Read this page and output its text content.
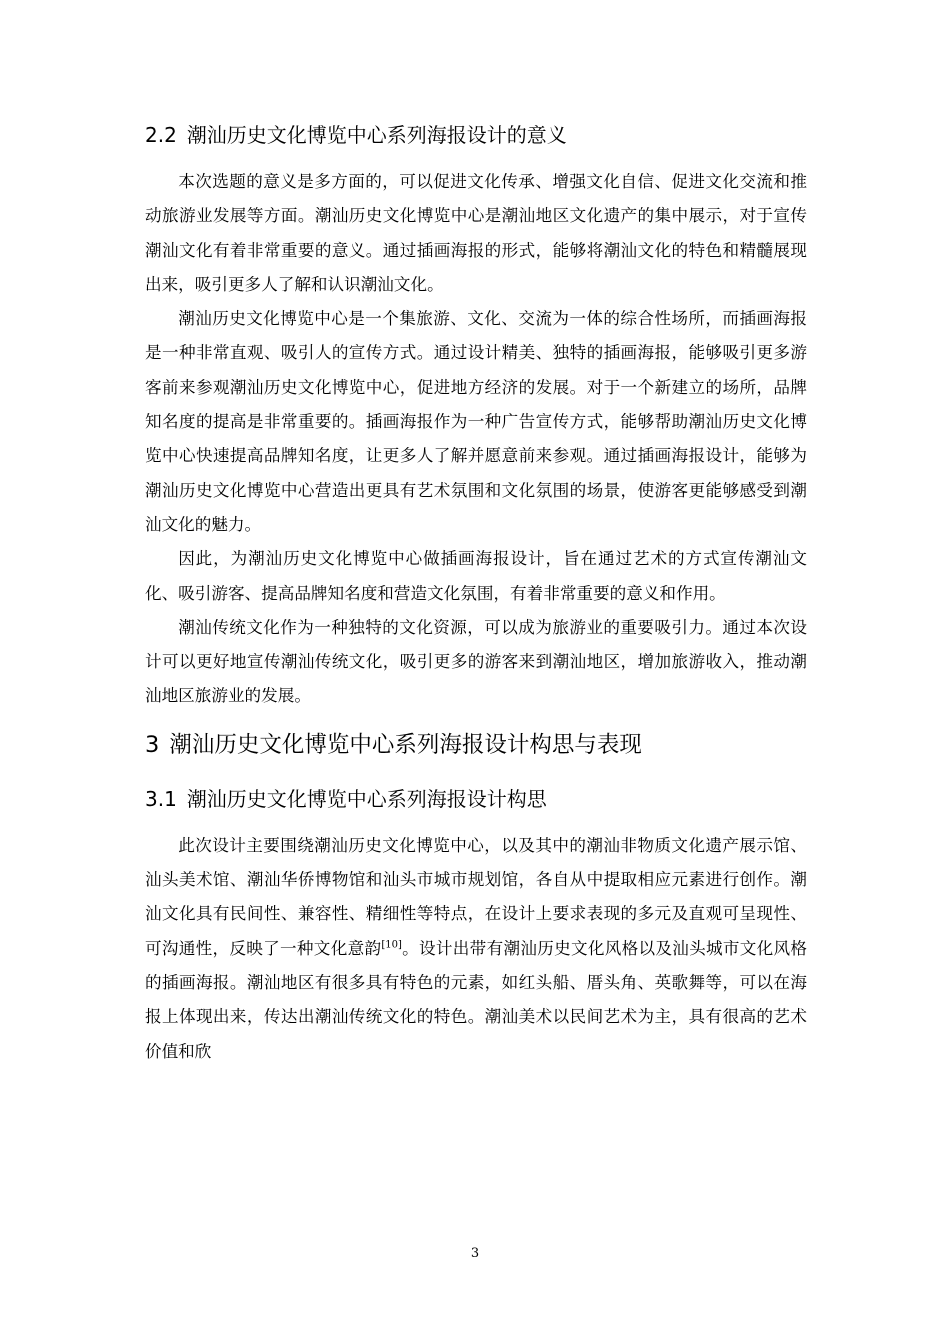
2.2 潮汕历史文化博览中心系列海报设计的意义

本次选题的意义是多方面的，可以促进文化传承、增强文化自信、促进文化交流和推动旅游业发展等方面。潮汕历史文化博览中心是潮汕地区文化遗产的集中展示，对于宣传潮汕文化有着非常重要的意义。通过插画海报的形式，能够将潮汕文化的特色和精髓展现出来，吸引更多人了解和认识潮汕文化。

潮汕历史文化博览中心是一个集旅游、文化、交流为一体的综合性场所，而插画海报是一种非常直观、吸引人的宣传方式。通过设计精美、独特的插画海报，能够吸引更多游客前来参观潮汕历史文化博览中心，促进地方经济的发展。对于一个新建立的场所，品牌知名度的提高是非常重要的。插画海报作为一种广告宣传方式，能够帮助潮汕历史文化博览中心快速提高品牌知名度，让更多人了解并愿意前来参观。通过插画海报设计，能够为潮汕历史文化博览中心营造出更具有艺术氛围和文化氛围的场景，使游客更能够感受到潮汕文化的魅力。

因此，为潮汕历史文化博览中心做插画海报设计，旨在通过艺术的方式宣传潮汕文化、吸引游客、提高品牌知名度和营造文化氛围，有着非常重要的意义和作用。

潮汕传统文化作为一种独特的文化资源，可以成为旅游业的重要吸引力。通过本次设计可以更好地宣传潮汕传统文化，吸引更多的游客来到潮汕地区，增加旅游收入，推动潮汕地区旅游业的发展。

3 潮汕历史文化博览中心系列海报设计构思与表现
3.1 潮汕历史文化博览中心系列海报设计构思

此次设计主要围绕潮汕历史文化博览中心，以及其中的潮汕非物质文化遗产展示馆、汕头美术馆、潮汕华侨博物馆和汕头市城市规划馆，各自从中提取相应元素进行创作。潮汕文化具有民间性、兼容性、精细性等特点，在设计上要求表现的多元及直观可呈现性、可沟通性，反映了一种文化意韵[10]。设计出带有潮汕历史文化风格以及汕头城市文化风格的插画海报。潮汕地区有很多具有特色的元素，如红头船、厝头角、英歌舞等，可以在海报上体现出来，传达出潮汕传统文化的特色。潮汕美术以民间艺术为主，具有很高的艺术价值和欣

3
